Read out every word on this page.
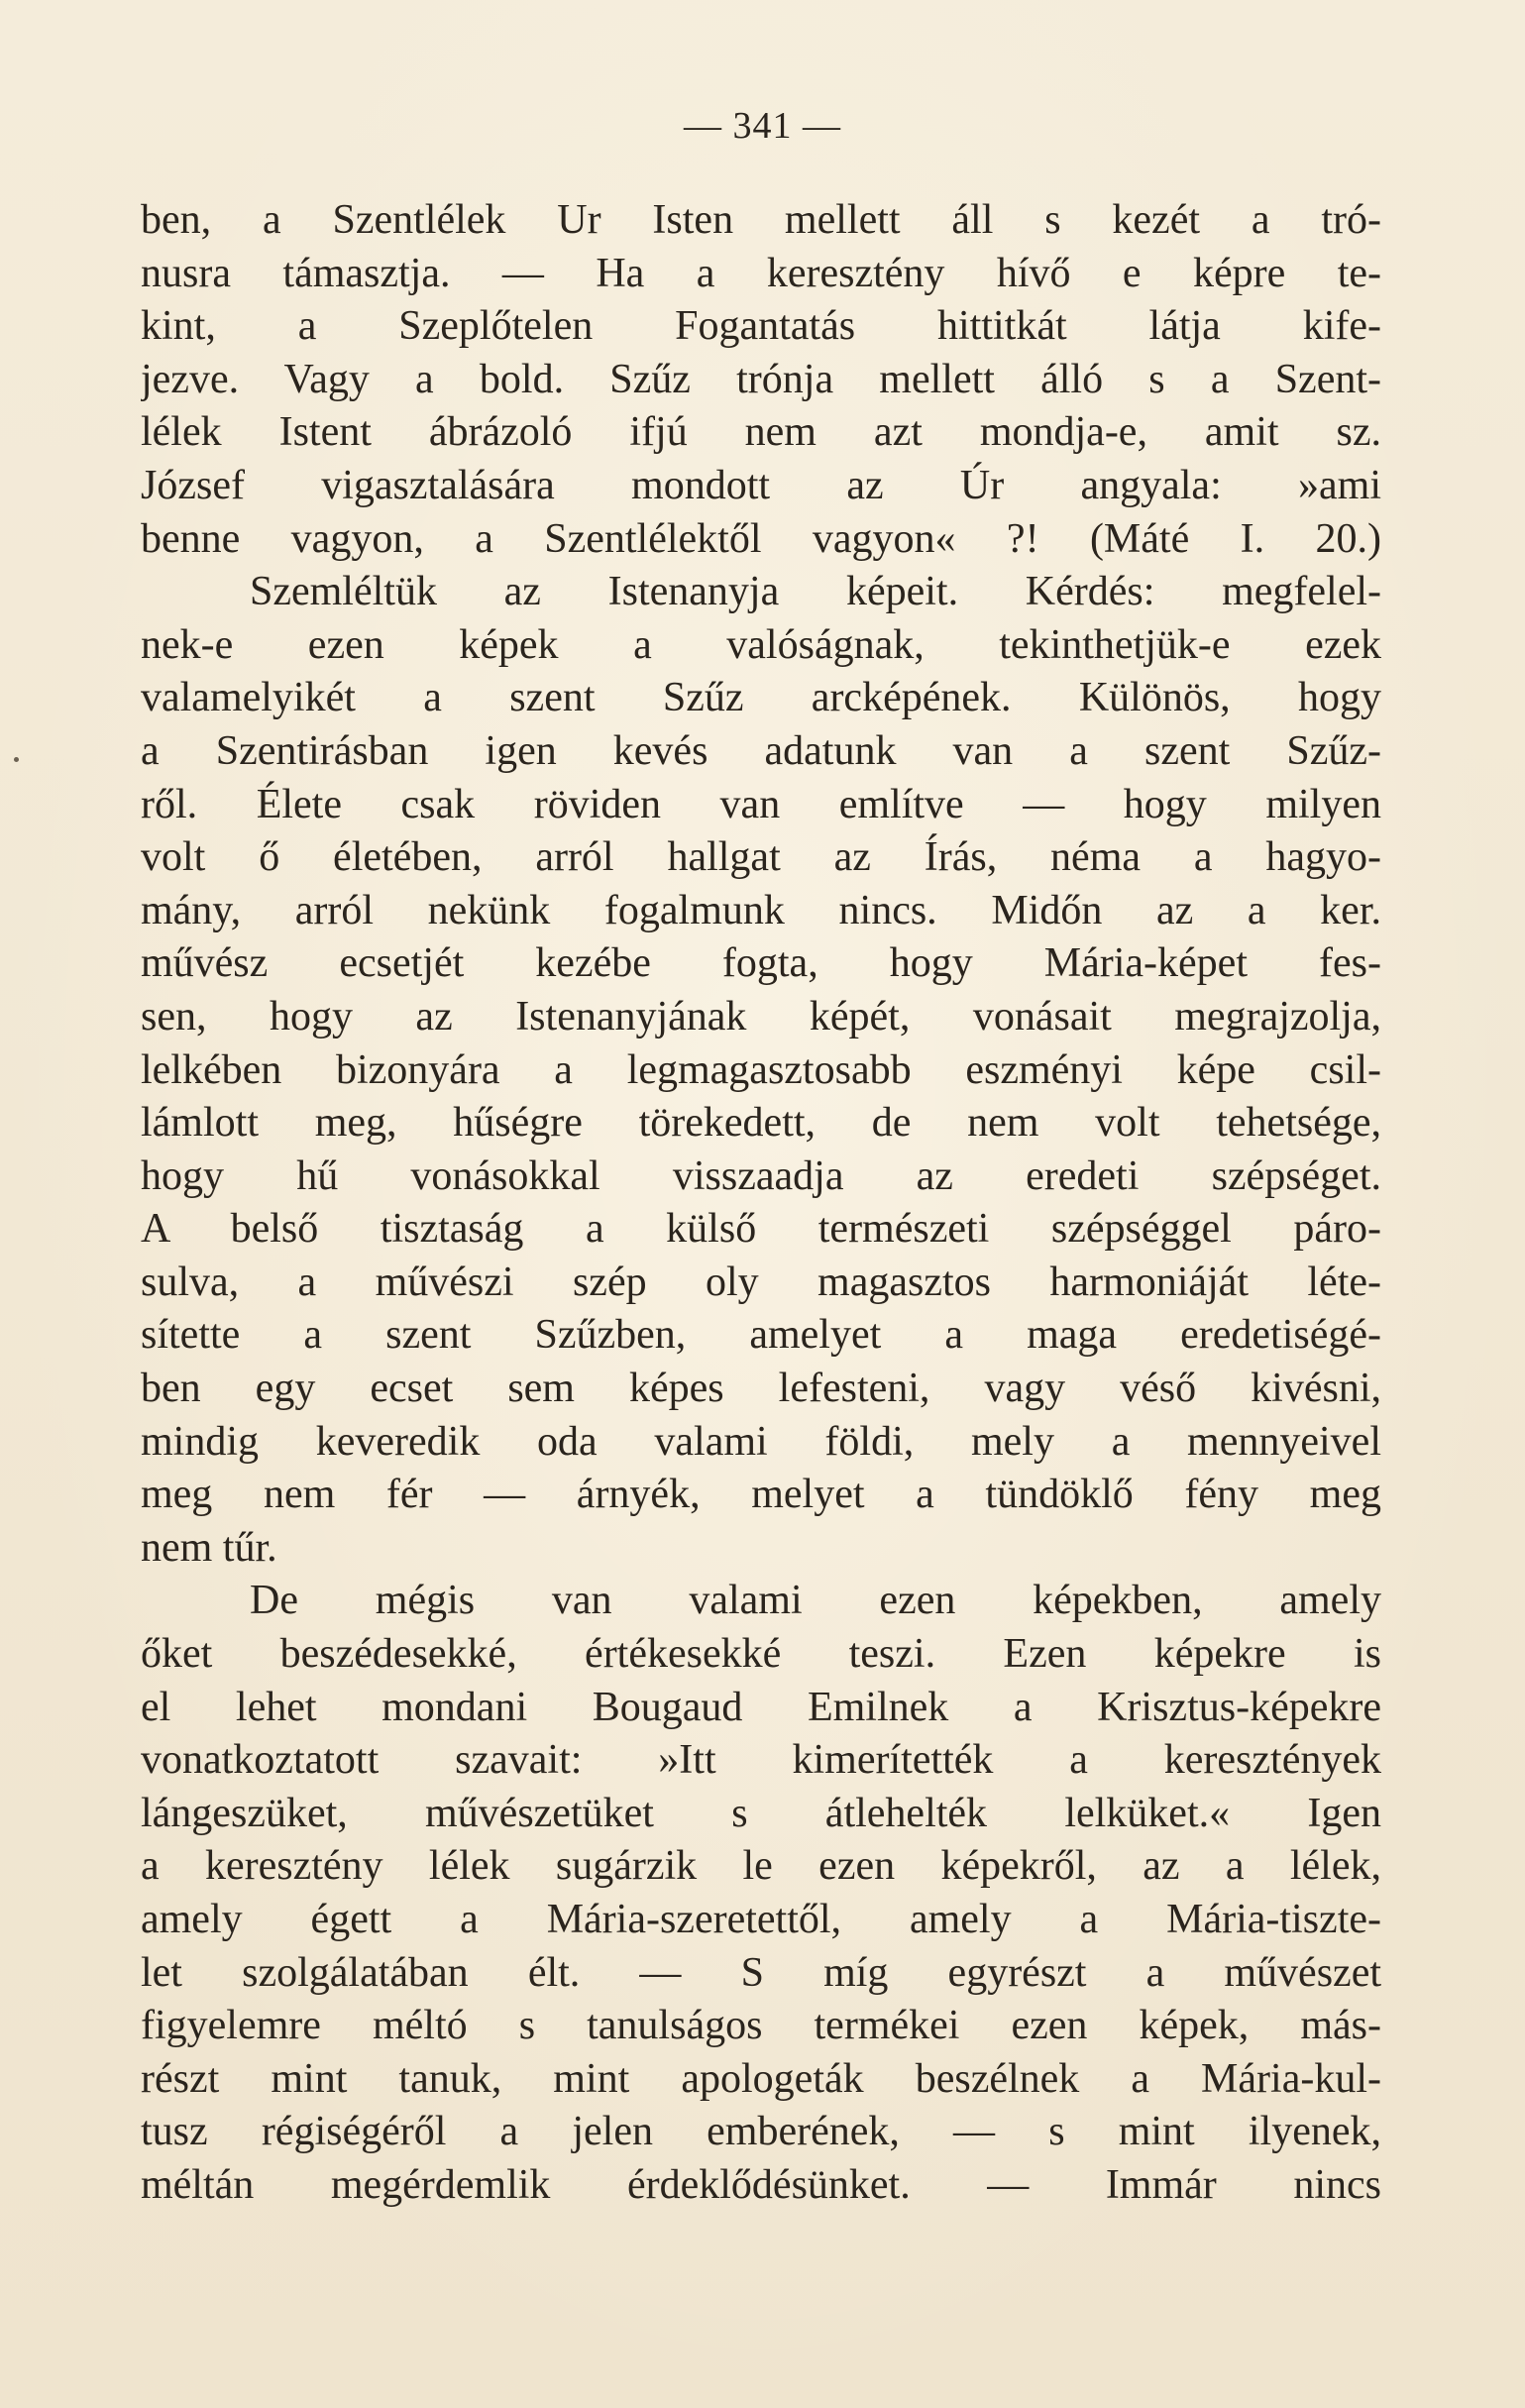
— 341 —
ben, a Szentlélek Ur Isten mellett áll s kezét a tró-
nusra támasztja. — Ha a keresztény hívő e képre te-
kint, a Szeplőtelen Fogantatás hittitkát látja kife-
jezve. Vagy a bold. Szűz trónja mellett álló s a Szent-
lélek Istent ábrázoló ifjú nem azt mondja-e, amit sz.
József vigasztalására mondott az Úr angyala: »ami
benne vagyon, a Szentlélektől vagyon« ?! (Máté I. 20.)
Szemléltük az Istenanyja képeit. Kérdés: megfelel-
nek-e ezen képek a valóságnak, tekinthetjük-e ezek
valamelyikét a szent Szűz arcképének. Különös, hogy
a Szentirásban igen kevés adatunk van a szent Szűz-
ről. Élete csak röviden van említve — hogy milyen
volt ő életében, arról hallgat az Írás, néma a hagyo-
mány, arról nekünk fogalmunk nincs. Midőn az a ker.
művész ecsetjét kezébe fogta, hogy Mária-képet fes-
sen, hogy az Istenanyjának képét, vonásait megrajzolja,
lelkében bizonyára a legmagasztosabb eszményi képe csil-
lámlott meg, hűségre törekedett, de nem volt tehetsége,
hogy hű vonásokkal visszaadja az eredeti szépséget.
A belső tisztaság a külső természeti szépséggel páro-
sulva, a művészi szép oly magasztos harmoniáját léte-
sítette a szent Szűzben, amelyet a maga eredetiségé-
ben egy ecset sem képes lefesteni, vagy véső kivésni,
mindig keveredik oda valami földi, mely a mennyeivel
meg nem fér — árnyék, melyet a tündöklő fény meg
nem tűr.
De mégis van valami ezen képekben, amely
őket beszédesekké, értékesekké teszi. Ezen képekre is
el lehet mondani Bougaud Emilnek a Krisztus-képekre
vonatkoztatott szavait: »Itt kimerítették a keresztények
lángeszüket, művészetüket s átlehelték lelküket.« Igen
a keresztény lélek sugárzik le ezen képekről, az a lélek,
amely égett a Mária-szeretettől, amely a Mária-tiszte-
let szolgálatában élt. — S míg egyrészt a művészet
figyelemre méltó s tanulságos termékei ezen képek, más-
részt mint tanuk, mint apologeták beszélnek a Mária-kul-
tusz régiségéről a jelen emberének, — s mint ilyenek,
méltán megérdemlik érdeklődésünket. — Immár nincs
